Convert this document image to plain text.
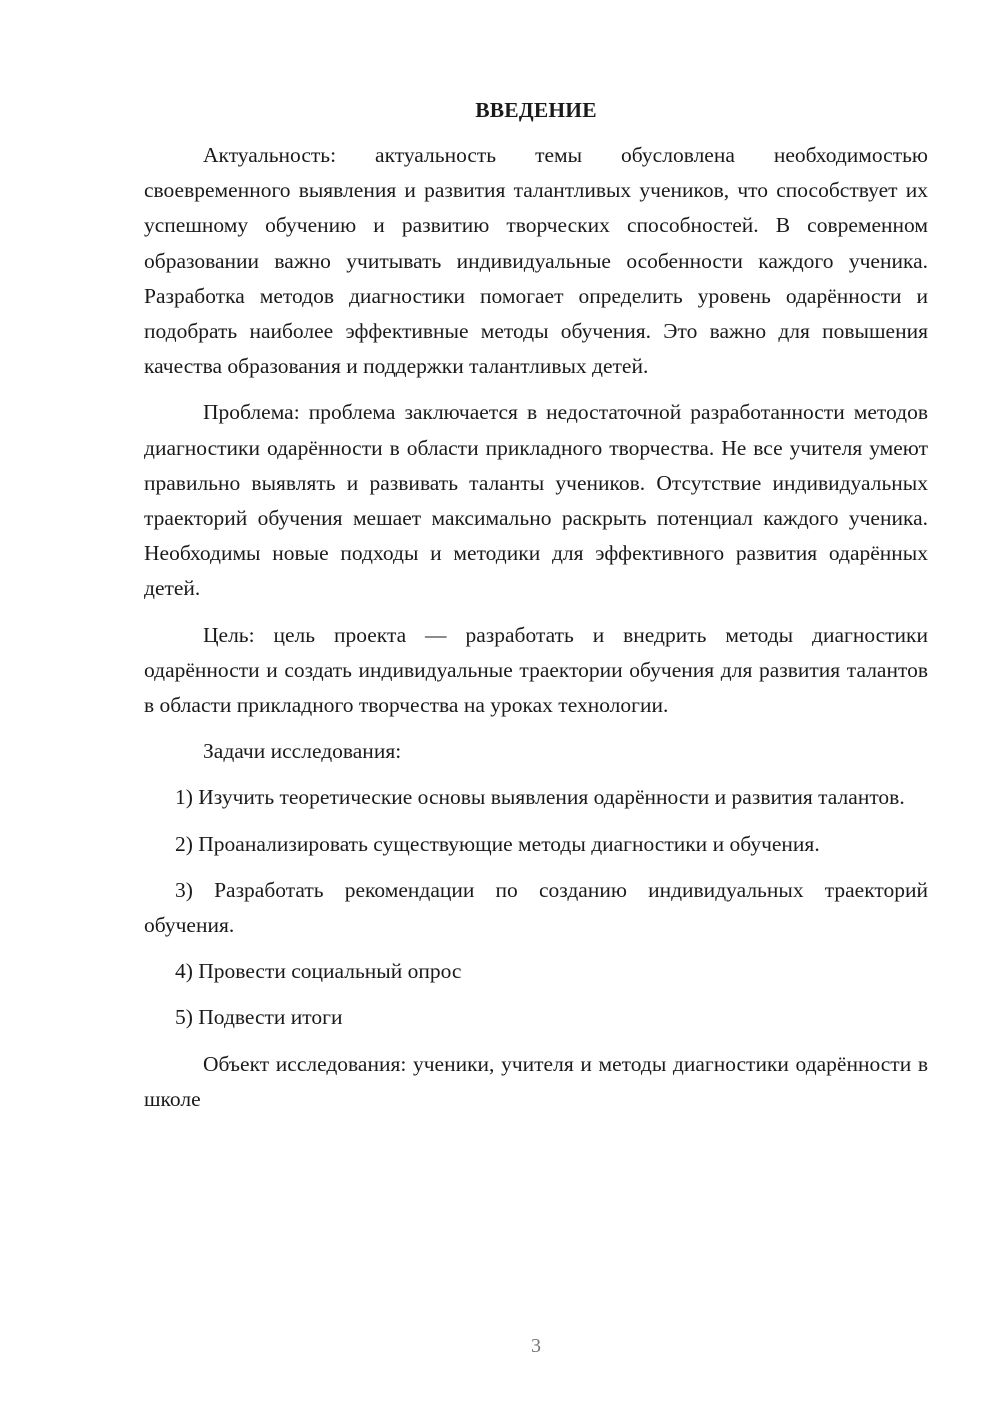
ВВЕДЕНИЕ

Актуальность: актуальность темы обусловлена необходимостью своевременного выявления и развития талантливых учеников, что способствует их успешному обучению и развитию творческих способностей. В современном образовании важно учитывать индивидуальные особенности каждого ученика. Разработка методов диагностики помогает определить уровень одарённости и подобрать наиболее эффективные методы обучения. Это важно для повышения качества образования и поддержки талантливых детей.

Проблема: проблема заключается в недостаточной разработанности методов диагностики одарённости в области прикладного творчества. Не все учителя умеют правильно выявлять и развивать таланты учеников. Отсутствие индивидуальных траекторий обучения мешает максимально раскрыть потенциал каждого ученика. Необходимы новые подходы и методики для эффективного развития одарённых детей.

Цель: цель проекта — разработать и внедрить методы диагностики одарённости и создать индивидуальные траектории обучения для развития талантов в области прикладного творчества на уроках технологии.

Задачи исследования:

1) Изучить теоретические основы выявления одарённости и развития талантов.

2) Проанализировать существующие методы диагностики и обучения.

3) Разработать рекомендации по созданию индивидуальных траекторий обучения.

4) Провести социальный опрос

5) Подвести итоги

Объект исследования: ученики, учителя и методы диагностики одарённости в школе

3
